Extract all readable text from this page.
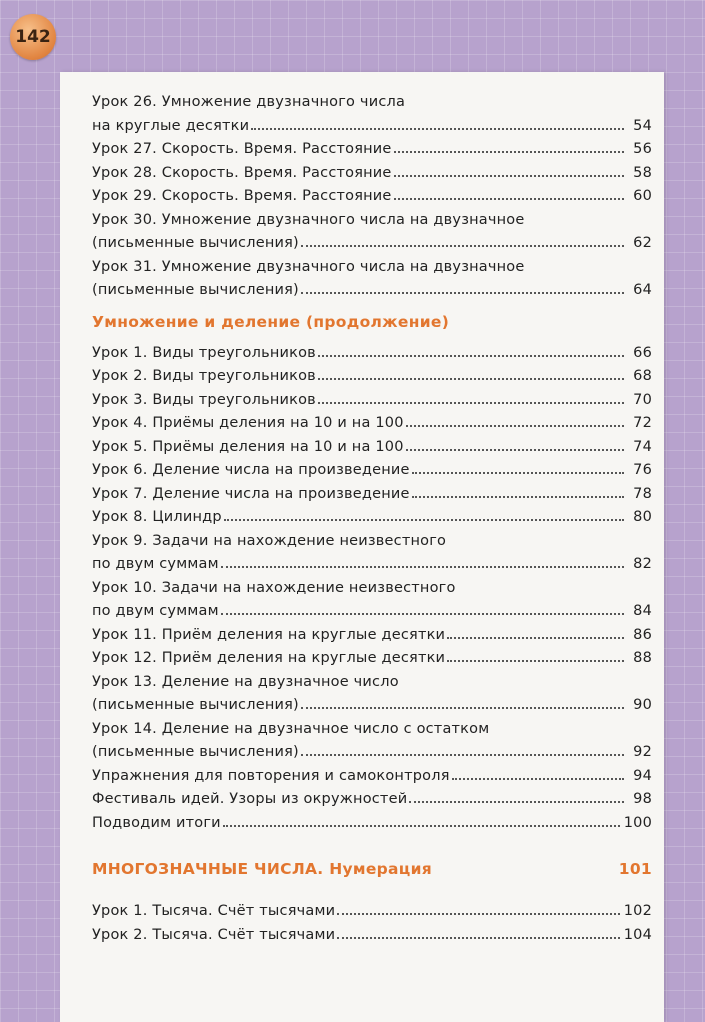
142
Урок 26. Умножение двузначного числа
на круглые десятки	54
Урок 27. Скорость. Время. Расстояние	56
Урок 28. Скорость. Время. Расстояние	58
Урок 29. Скорость. Время. Расстояние	60
Урок 30. Умножение двузначного числа на двузначное
(письменные вычисления)	62
Урок 31. Умножение двузначного числа на двузначное
(письменные вычисления)	64
Умножение и деление (продолжение)
Урок 1. Виды треугольников	66
Урок 2. Виды треугольников	68
Урок 3. Виды треугольников	70
Урок 4. Приёмы деления на 10 и на 100	72
Урок 5. Приёмы деления на 10 и на 100	74
Урок 6. Деление числа на произведение	76
Урок 7. Деление числа на произведение	78
Урок 8. Цилиндр	80
Урок 9. Задачи на нахождение неизвестного
по двум суммам	82
Урок 10. Задачи на нахождение неизвестного
по двум суммам	84
Урок 11. Приём деления на круглые десятки	86
Урок 12. Приём деления на круглые десятки	88
Урок 13. Деление на двузначное число
(письменные вычисления)	90
Урок 14. Деление на двузначное число с остатком
(письменные вычисления)	92
Упражнения для повторения и самоконтроля	94
Фестиваль идей. Узоры из окружностей	98
Подводим итоги	100
МНОГОЗНАЧНЫЕ ЧИСЛА. Нумерация	101
Урок 1. Тысяча. Счёт тысячами	102
Урок 2. Тысяча. Счёт тысячами	104
